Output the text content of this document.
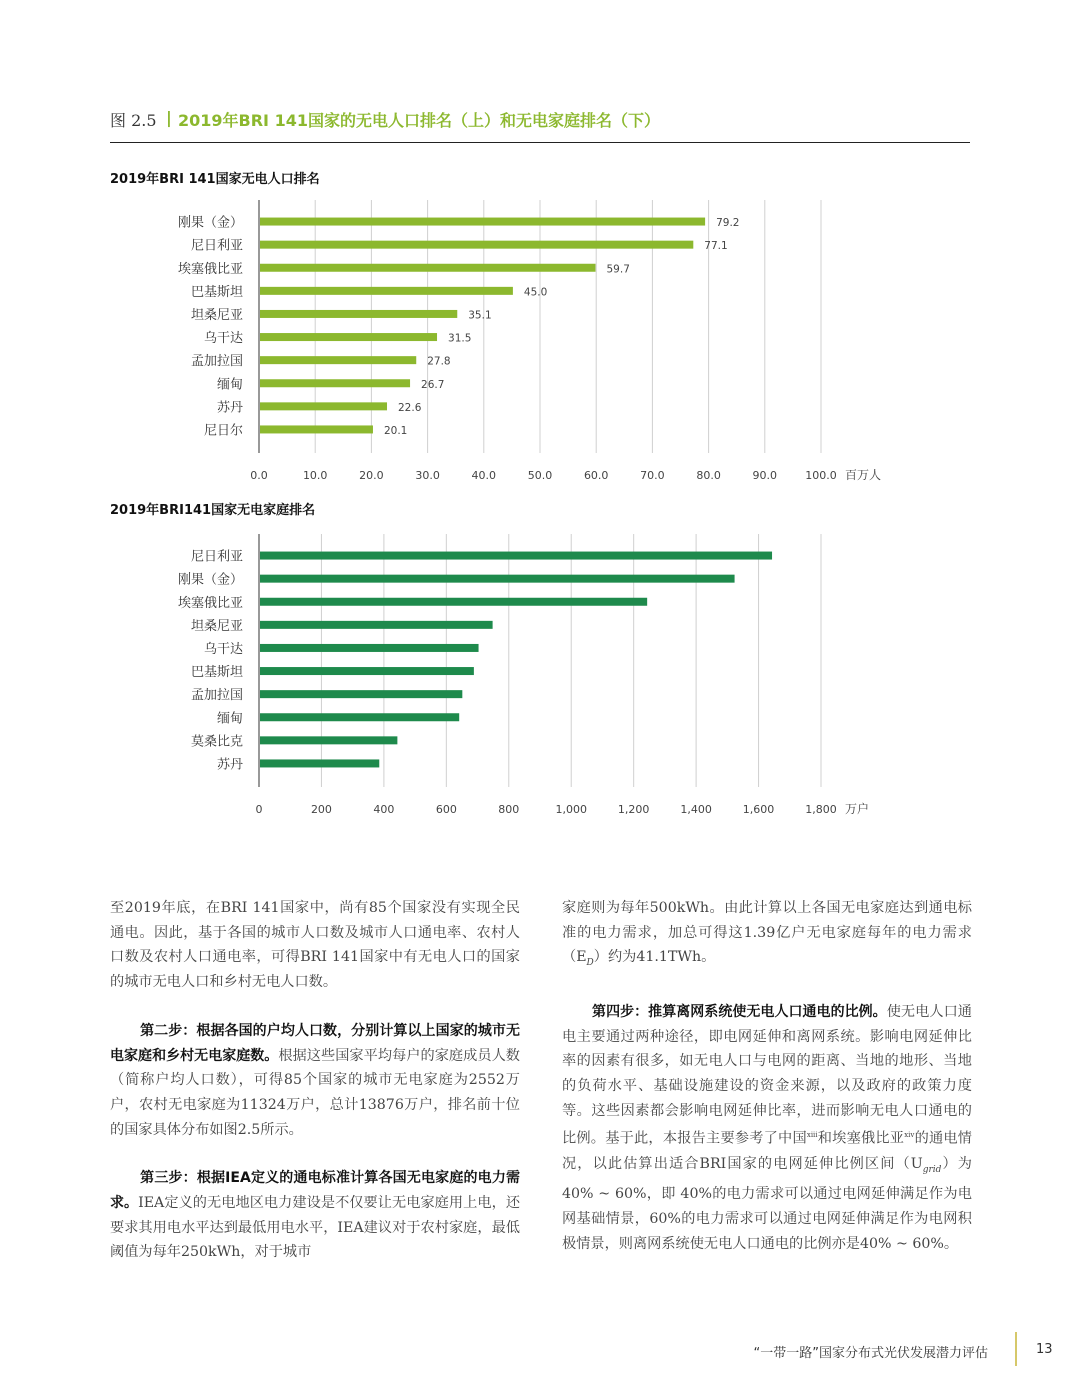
图 2.5 | 2019年BRI 141国家的无电人口排名（上）和无电家庭排名（下）
2019年BRI 141国家无电人口排名
0.0	10.0	20.0	30.0	40.0	50.0	60.0	70.0	80.0	90.0	100.0 百万人
刚果（金）	79.2
尼日利亚	77.1
埃塞俄比亚	59.7
巴基斯坦	45.0
坦桑尼亚	35.1
乌干达	31.5
孟加拉国	27.8
缅甸	26.7
苏丹	22.6
尼日尔	20.1
2019年BRI141国家无电家庭排名
0	200	400	600	800	1,000	1,200	1,400	1,600	1,800 万户
尼日利亚
刚果（金）
埃塞俄比亚
坦桑尼亚
乌干达
巴基斯坦
孟加拉国
缅甸
莫桑比克
苏丹

至2019年底，在BRI 141国家中，尚有85个国家没有实现全民通电。因此，基于各国的城市人口数及城市人口通电率、农村人口数及农村人口通电率，可得BRI 141国家中有无电人口的国家的城市无电人口和乡村无电人口数。

第二步：根据各国的户均人口数，分别计算以上国家的城市无电家庭和乡村无电家庭数。根据这些国家平均每户的家庭成员人数（简称户均人口数），可得85个国家的城市无电家庭为2552万户，农村无电家庭为11324万户，总计13876万户，排名前十位的国家具体分布如图2.5所示。

第三步：根据IEA定义的通电标准计算各国无电家庭的电力需求。IEA定义的无电地区电力建设是不仅要让无电家庭用上电，还要求其用电水平达到最低用电水平，IEA建议对于农村家庭，最低阈值为每年250kWh，对于城市

家庭则为每年500kWh。由此计算以上各国无电家庭达到通电标准的电力需求，加总可得这1.39亿户无电家庭每年的电力需求$(E_D)$约为41.1TWh。

第四步：推算离网系统使无电人口通电的比例。使无电人口通电主要通过两种途径，即电网延伸和离网系统。影响电网延伸比率的因素有很多，如无电人口与电网的距离、当地的地形、当地的负荷水平、基础设施建设的资金来源，以及政府的政策力度等。这些因素都会影响电网延伸比率，进而影响无电人口通电的比例。基于此，本报告主要参考了中国$^{xiii}$和埃塞俄比亚$^{xiv}$的通电情况，以此估算出适合BRI国家的电网延伸比例区间$(U_{grid})$为40% ~ 60%，即 40%的电力需求可以通过电网延伸满足作为电网基础情景，60%的电力需求可以通过电网延伸满足作为电网积极情景，则离网系统使无电人口通电的比例亦是40% ~ 60%。

“一带一路”国家分布式光伏发展潜力评估	13
